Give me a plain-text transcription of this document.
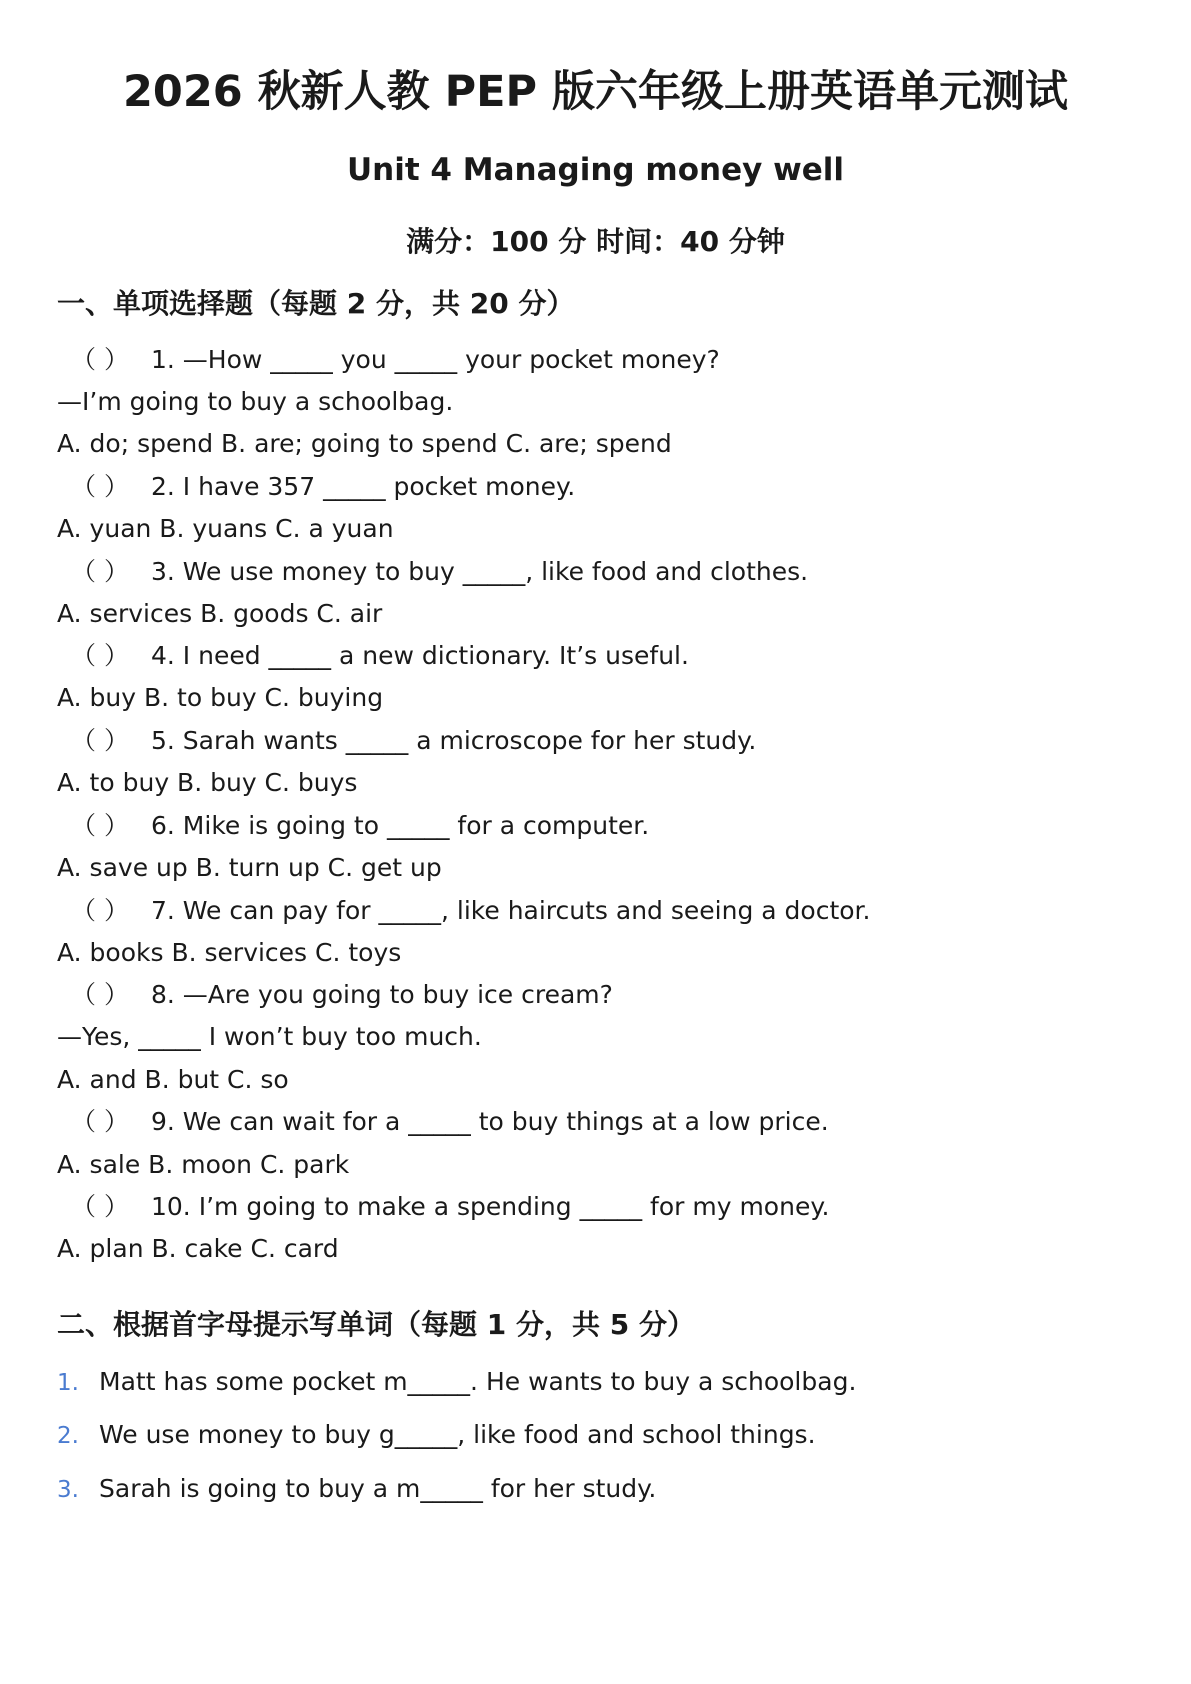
2026 秋新人教 PEP 版六年级上册英语单元测试
Unit 4 Managing money well
满分：100 分 时间：40 分钟
一、单项选择题（每题 2 分，共 20 分）
（ ） 1. —How _____ you _____ your pocket money?
—I’m going to buy a schoolbag.
A. do; spend B. are; going to spend C. are; spend
（ ） 2. I have 357 _____ pocket money.
A. yuan B. yuans C. a yuan
（ ） 3. We use money to buy _____, like food and clothes.
A. services B. goods C. air
（ ） 4. I need _____ a new dictionary. It’s useful.
A. buy B. to buy C. buying
（ ） 5. Sarah wants _____ a microscope for her study.
A. to buy B. buy C. buys
（ ） 6. Mike is going to _____ for a computer.
A. save up B. turn up C. get up
（ ） 7. We can pay for _____, like haircuts and seeing a doctor.
A. books B. services C. toys
（ ） 8. —Are you going to buy ice cream?
—Yes, _____ I won’t buy too much.
A. and B. but C. so
（ ） 9. We can wait for a _____ to buy things at a low price.
A. sale B. moon C. park
（ ） 10. I’m going to make a spending _____ for my money.
A. plan B. cake C. card
二、根据首字母提示写单词（每题 1 分，共 5 分）
1. Matt has some pocket m_____. He wants to buy a schoolbag.
2. We use money to buy g_____, like food and school things.
3. Sarah is going to buy a m_____ for her study.
